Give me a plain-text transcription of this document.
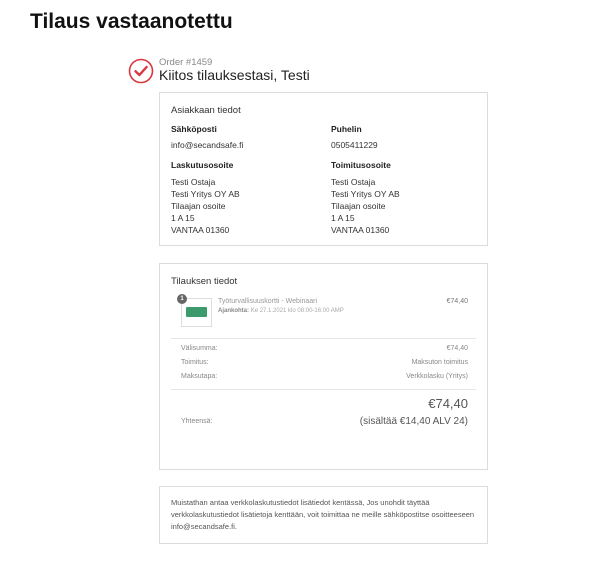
Tilaus vastaanotettu
Order #1459
Kiitos tilauksestasi, Testi
Asiakkaan tiedot
Sähköposti
info@secandsafe.fi
Puhelin
0505411229
Laskutusosoite
Testi Ostaja
Testi Yritys OY AB
Tilaajan osoite
1 A 15
VANTAA 01360
Toimitusosoite
Testi Ostaja
Testi Yritys OY AB
Tilaajan osoite
1 A 15
VANTAA 01360
Tilauksen tiedot
1	Työturvallisuuskortti - Webinaari
Ajankohta: Ke 27.1.2021 klo 08:00-16:00 AMP
€74,40
Välisumma:	€74,40
Toimitus:	Maksuton toimitus
Maksutapa:	Verkkolasku (Yritys)
Yhteensä:
€74,40
(sisältää €14,40 ALV 24)
Muistathan antaa verkkolaskutustiedot lisätiedot kentässä, Jos unohdit täyttää verkkolaskutustiedot lisätietoja kenttään, voit toimittaa ne meille sähköpostitse osoitteeseen info@secandsafe.fi.
